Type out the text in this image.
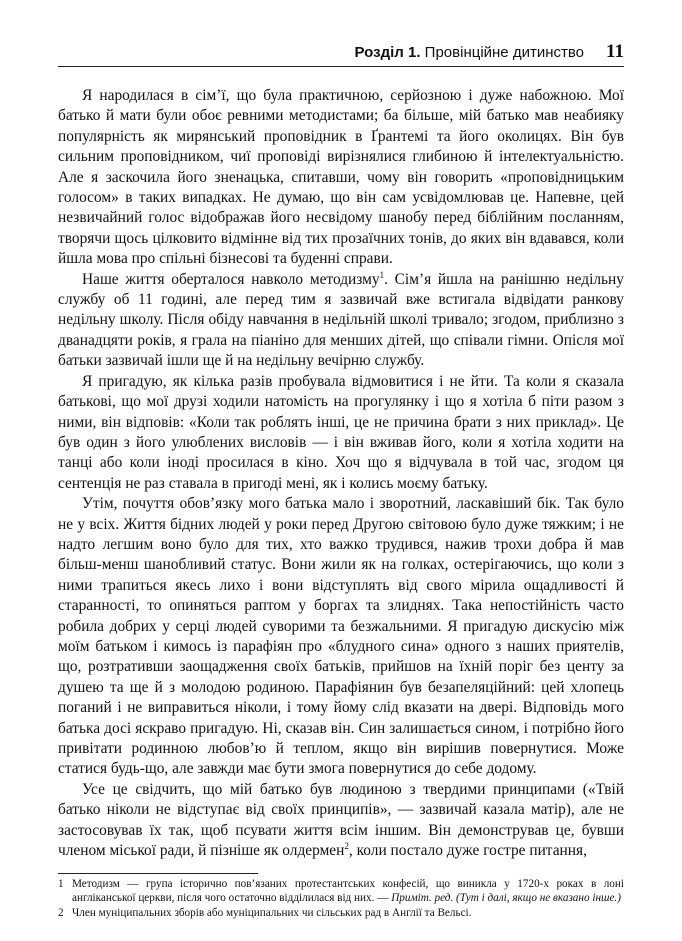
Розділ 1. Провінційне дитинство 11

Я народилася в сім’ї, що була практичною, серйозною і дуже набожною. Мої батько й мати були обоє ревними методистами; ба більше, мій батько мав неабияку популярність як мирянський проповідник в Ґрантемі та його околицях. Він був сильним проповідником, чиї проповіді вирізнялися глибиною й інтелектуальністю. Але я заскочила його зненацька, спитавши, чому він говорить «проповідницьким голосом» в таких випадках. Не думаю, що він сам усвідомлював це. Напевне, цей незвичайний голос відображав його несвідому шанобу перед біблійним посланням, творячи щось цілковито відмінне від тих прозаїчних тонів, до яких він вдавався, коли йшла мова про спільні бізнесові та буденні справи.

Наше життя оберталося навколо методизму$^1$. Сім’я йшла на ранішню недільну службу об 11 годині, але перед тим я зазвичай вже встигала відвідати ранкову недільну школу. Після обіду навчання в недільній школі тривало; згодом, приблизно з дванадцяти років, я грала на піаніно для менших дітей, що співали гімни. Опісля мої батьки зазвичай ішли ще й на недільну вечірню службу.

Я пригадую, як кілька разів пробувала відмовитися і не йти. Та коли я сказала батькові, що мої друзі ходили натомість на прогулянку і що я хотіла б піти разом з ними, він відповів: «Коли так роблять інші, це не причина брати з них приклад». Це був один з його улюблених висловів — і він вживав його, коли я хотіла ходити на танці або коли іноді просилася в кіно. Хоч що я відчувала в той час, згодом ця сентенція не раз ставала в пригоді мені, як і колись моєму батьку.

Утім, почуття обов’язку мого батька мало і зворотний, ласкавіший бік. Так було не у всіх. Життя бідних людей у роки перед Другою світовою було дуже тяжким; і не надто легшим воно було для тих, хто важко трудився, нажив трохи добра й мав більш-менш шанобливий статус. Вони жили як на голках, остерігаючись, що коли з ними трапиться якесь лихо і вони відступлять від свого мірила ощадливості й старанності, то опиняться раптом у боргах та злиднях. Така непостійність часто робила добрих у серці людей суворими та безжальними. Я пригадую дискусію між моїм батьком і кимось із парафіян про «блудного сина» одного з наших приятелів, що, розтративши заощадження своїх батьків, прийшов на їхній поріг без центу за душею та ще й з молодою родиною. Парафіянин був безапеляційний: цей хлопець поганий і не виправиться ніколи, і тому йому слід вказати на двері. Відповідь мого батька досі яскраво пригадую. Ні, сказав він. Син залишається сином, і потрібно його привітати родинною любов’ю й теплом, якщо він вирішив повернутися. Може статися будь-що, але завжди має бути змога повернутися до себе додому.

Усе це свідчить, що мій батько був людиною з твердими принципами («Твій батько ніколи не відступає від своїх принципів», — зазвичай казала матір), але не застосовував їх так, щоб псувати життя всім іншим. Він демонстрував це, бувши членом міської ради, й пізніше як олдермен$^2$, коли постало дуже гостре питання,

1 Методизм — група історично пов’язаних протестантських конфесій, що виникла у 1720-х роках в лоні англіканської церкви, після чого остаточно відділилася від них. — Приміт. ред. (Тут і далі, якщо не вказано інше.)
2 Член муніципальних зборів або муніципальних чи сільських рад в Англії та Вельсі.
